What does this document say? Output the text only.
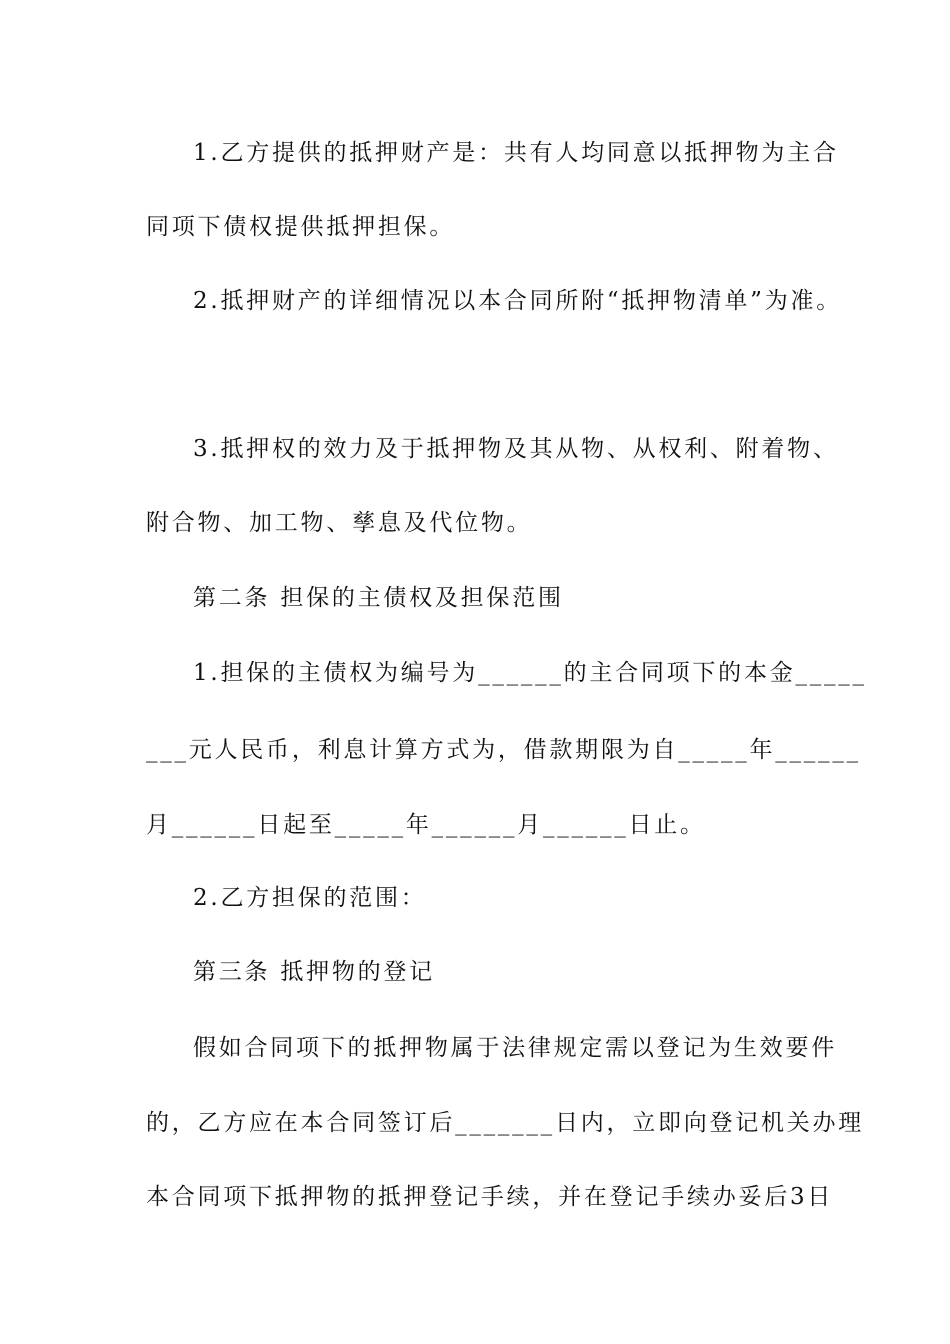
1.乙方提供的抵押财产是：共有人均同意以抵押物为主合
同项下债权提供抵押担保。
2.抵押财产的详细情况以本合同所附“抵押物清单”为准。
3.抵押权的效力及于抵押物及其从物、从权利、附着物、
附合物、加工物、孳息及代位物。
第二条 担保的主债权及担保范围
1.担保的主债权为编号为______的主合同项下的本金_____
___元人民币，利息计算方式为，借款期限为自_____年______
月______日起至_____年______月______日止。
2.乙方担保的范围：
第三条 抵押物的登记
假如合同项下的抵押物属于法律规定需以登记为生效要件
的，乙方应在本合同签订后_______日内，立即向登记机关办理
本合同项下抵押物的抵押登记手续，并在登记手续办妥后3日
